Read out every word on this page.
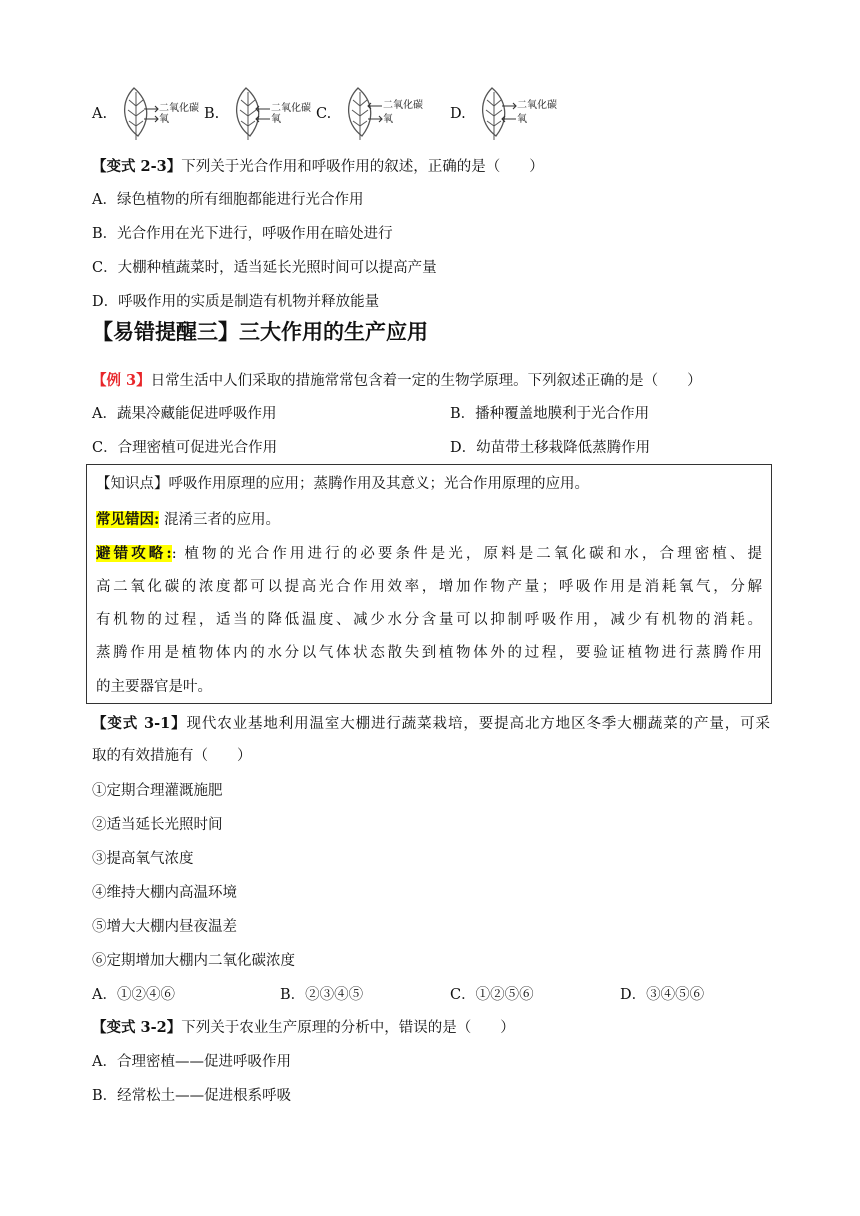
A.	B.	C.	D.
二氧化碳
氧
二氧化碳
氧
二氧化碳
氧
二氧化碳
氧
【变式 2-3】下列关于光合作用和呼吸作用的叙述，正确的是（　　）
A．绿色植物的所有细胞都能进行光合作用
B．光合作用在光下进行，呼吸作用在暗处进行
C．大棚种植蔬菜时，适当延长光照时间可以提高产量
D．呼吸作用的实质是制造有机物并释放能量
【易错提醒三】三大作用的生产应用
【例 3】日常生活中人们采取的措施常常包含着一定的生物学原理。下列叙述正确的是（　　）
A．蔬果冷藏能促进呼吸作用	B．播种覆盖地膜利于光合作用
C．合理密植可促进光合作用	D．幼苗带土移栽降低蒸腾作用
【知识点】呼吸作用原理的应用；蒸腾作用及其意义；光合作用原理的应用。
常见错因: 混淆三者的应用。
避错攻略:: 植物的光合作用进行的必要条件是光，原料是二氧化碳和水，合理密植、提
高二氧化碳的浓度都可以提高光合作用效率，增加作物产量；呼吸作用是消耗氧气，分解
有机物的过程，适当的降低温度、减少水分含量可以抑制呼吸作用，减少有机物的消耗。
蒸腾作用是植物体内的水分以气体状态散失到植物体外的过程，要验证植物进行蒸腾作用
的主要器官是叶。
【变式 3-1】现代农业基地利用温室大棚进行蔬菜栽培，要提高北方地区冬季大棚蔬菜的产量，可采
取的有效措施有（　　）
①定期合理灌溉施肥
②适当延长光照时间
③提高氧气浓度
④维持大棚内高温环境
⑤增大大棚内昼夜温差
⑥定期增加大棚内二氧化碳浓度
A．①②④⑥	B．②③④⑤	C．①②⑤⑥	D．③④⑤⑥
【变式 3-2】下列关于农业生产原理的分析中，错误的是（　　）
A．合理密植——促进呼吸作用
B．经常松土——促进根系呼吸
